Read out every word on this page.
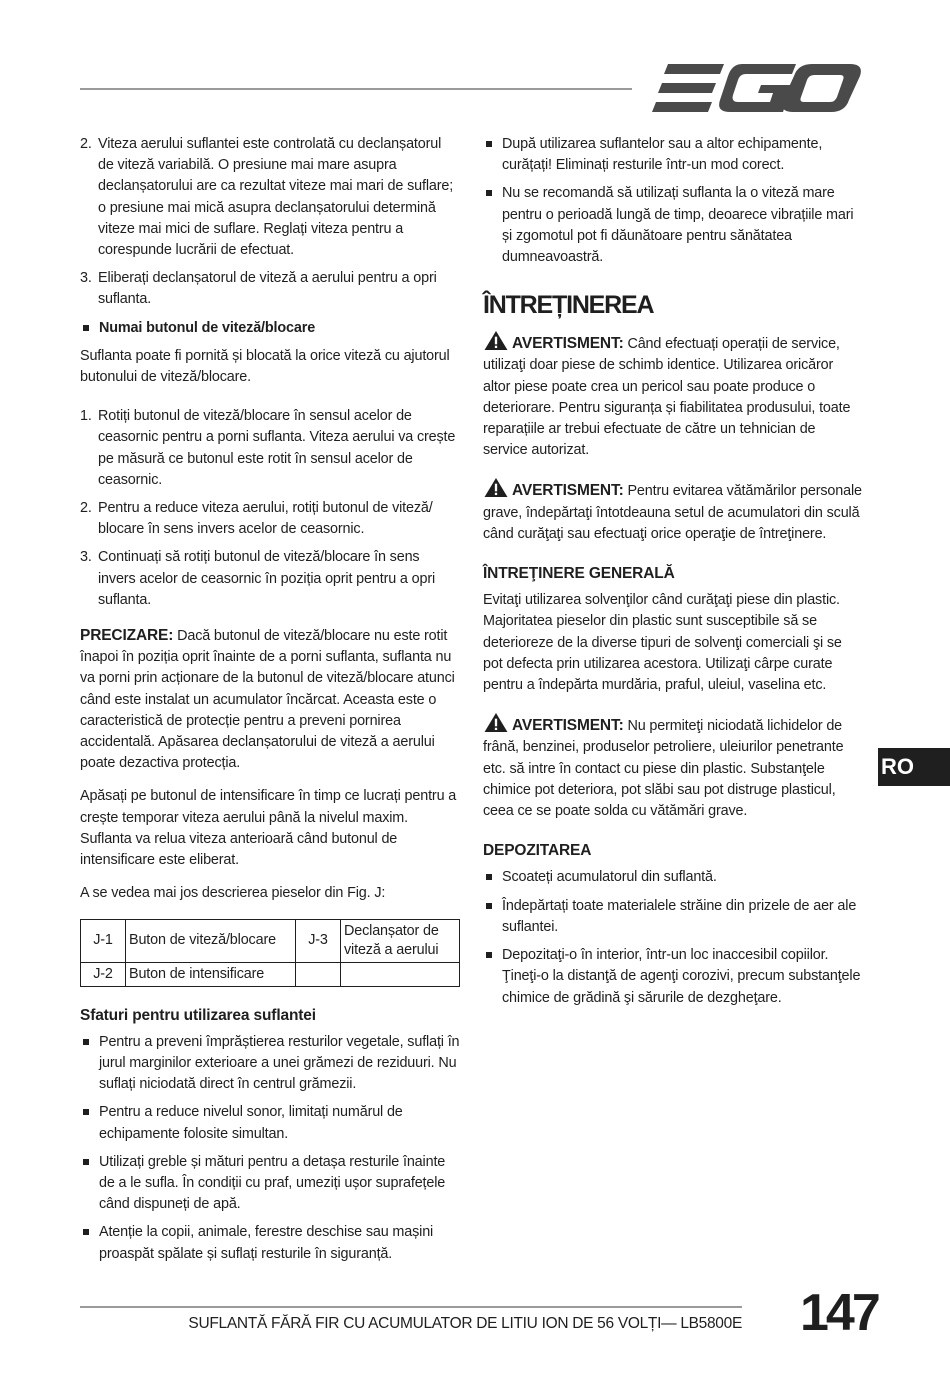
2. Viteza aerului suflantei este controlată cu declanșatorul de viteză variabilă. O presiune mai mare asupra declanșatorului are ca rezultat viteze mai mari de suflare; o presiune mai mică asupra declanșatorului determină viteze mai mici de suflare. Reglați viteza pentru a corespunde lucrării de efectuat.
3. Eliberați declanșatorul de viteză a aerului pentru a opri suflanta.
Numai butonul de viteză/blocare

Suflanta poate fi pornită și blocată la orice viteză cu ajutorul butonului de viteză/blocare.

1. Rotiți butonul de viteză/blocare în sensul acelor de ceasornic pentru a porni suflanta. Viteza aerului va crește pe măsură ce butonul este rotit în sensul acelor de ceasornic.
2. Pentru a reduce viteza aerului, rotiți butonul de viteză/ blocare în sens invers acelor de ceasornic.
3. Continuați să rotiți butonul de viteză/blocare în sens invers acelor de ceasornic în poziția oprit pentru a opri suflanta.

PRECIZARE: Dacă butonul de viteză/blocare nu este rotit înapoi în poziția oprit înainte de a porni suflanta, suflanta nu va porni prin acționare de la butonul de viteză/blocare atunci când este instalat un acumulator încărcat. Aceasta este o caracteristică de protecție pentru a preveni pornirea accidentală. Apăsarea declanșatorului de viteză a aerului poate dezactiva protecția.

Apăsați pe butonul de intensificare în timp ce lucrați pentru a crește temporar viteza aerului până la nivelul maxim. Suflanta va relua viteza anterioară când butonul de intensificare este eliberat.

A se vedea mai jos descrierea pieselor din Fig. J:

J-1	Buton de viteză/blocare	J-3	Declanșator de viteză a aerului
J-2	Buton de intensificare		
Sfaturi pentru utilizarea suflantei
Pentru a preveni împrăștierea resturilor vegetale, suflați în jurul marginilor exterioare a unei grămezi de reziduuri. Nu suflați niciodată direct în centrul grămezii.
Pentru a reduce nivelul sonor, limitați numărul de echipamente folosite simultan.
Utilizați greble și mături pentru a detașa resturile înainte de a le sufla. În condiții cu praf, umeziți ușor suprafețele când dispuneți de apă.
Atenție la copii, animale, ferestre deschise sau mașini proaspăt spălate și suflați resturile în siguranță.
După utilizarea suflantelor sau a altor echipamente, curățați! Eliminați resturile într-un mod corect.
Nu se recomandă să utilizați suflanta la o viteză mare pentru o perioadă lungă de timp, deoarece vibrațiile mari și zgomotul pot fi dăunătoare pentru sănătatea dumneavoastră.
ÎNTREȚINEREA

AVERTISMENT: Când efectuați operații de service, utilizaţi doar piese de schimb identice. Utilizarea oricăror altor piese poate crea un pericol sau poate produce o deteriorare. Pentru siguranța și fiabilitatea produsului, toate reparațiile ar trebui efectuate de către un tehnician de service autorizat.

AVERTISMENT: Pentru evitarea vătămărilor personale grave, îndepărtaţi întotdeauna setul de acumulatori din sculă când curăţaţi sau efectuaţi orice operaţie de întreţinere.

ÎNTREŢINERE GENERALĂ

Evitaţi utilizarea solvenţilor când curăţaţi piese din plastic. Majoritatea pieselor din plastic sunt susceptibile să se deterioreze de la diverse tipuri de solvenţi comerciali şi se pot defecta prin utilizarea acestora. Utilizaţi cârpe curate pentru a îndepărta murdăria, praful, uleiul, vaselina etc.

AVERTISMENT: Nu permiteţi niciodată lichidelor de frână, benzinei, produselor petroliere, uleiurilor penetrante etc. să intre în contact cu piese din plastic. Substanţele chimice pot deteriora, pot slăbi sau pot distruge plasticul, ceea ce se poate solda cu vătămări grave.

DEPOZITAREA
Scoateți acumulatorul din suflantă.
Îndepărtați toate materialele străine din prizele de aer ale suflantei.
Depozitaţi-o în interior, într-un loc inaccesibil copiilor. Ţineţi-o la distanţă de agenţi corozivi, precum substanţele chimice de grădină şi sărurile de dezgheţare.
RO
SUFLANTĂ FĂRĂ FIR CU ACUMULATOR DE LITIU ION DE 56 VOLȚI— LB5800E 147
